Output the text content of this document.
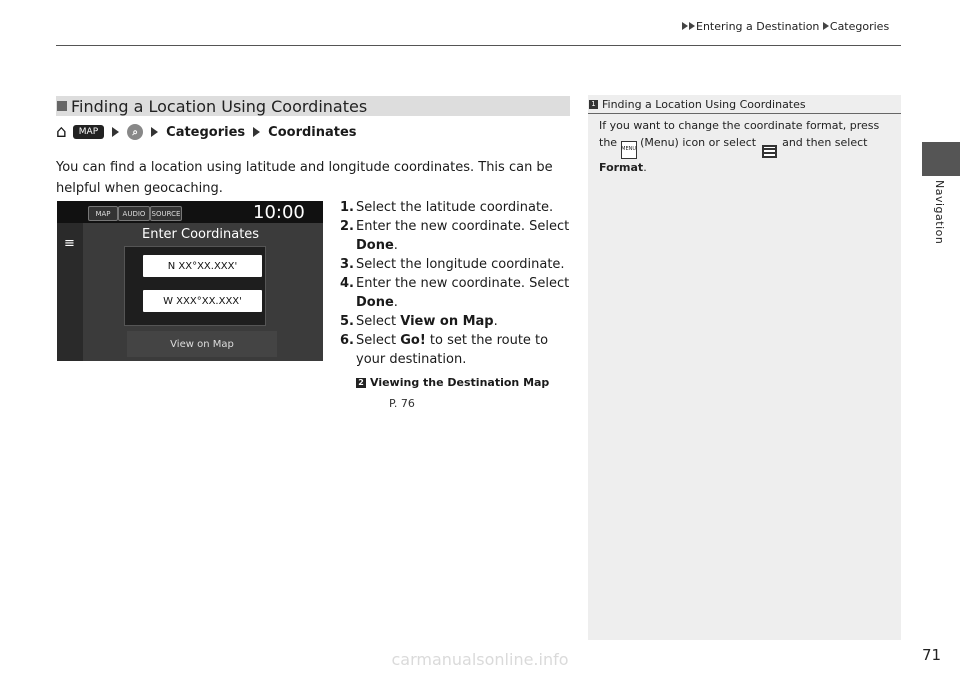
Entering a Destination Categories
Navigation
Finding a Location Using Coordinates
⌂	MAP	⌕	Categories Coordinates
You can find a location using latitude and longitude coordinates. This can be helpful when geocaching.
MAP	AUDIO SOURCE	10:00
≡
Enter Coordinates
N XX°XX.XXX'
W XXX°XX.XXX'
View on Map
1. Select the latitude coordinate.
2. Enter the new coordinate. Select Done.
3. Select the longitude coordinate.
4. Enter the new coordinate. Select Done.
5. Select View on Map.
6. Select Go! to set the route to your destination.
2 Viewing the Destination Map
P. 76
1 Finding a Location Using Coordinates
If you want to change the coordinate format, press the MENU (Menu) icon or select and then select Format.
71
carmanualsonline.info
